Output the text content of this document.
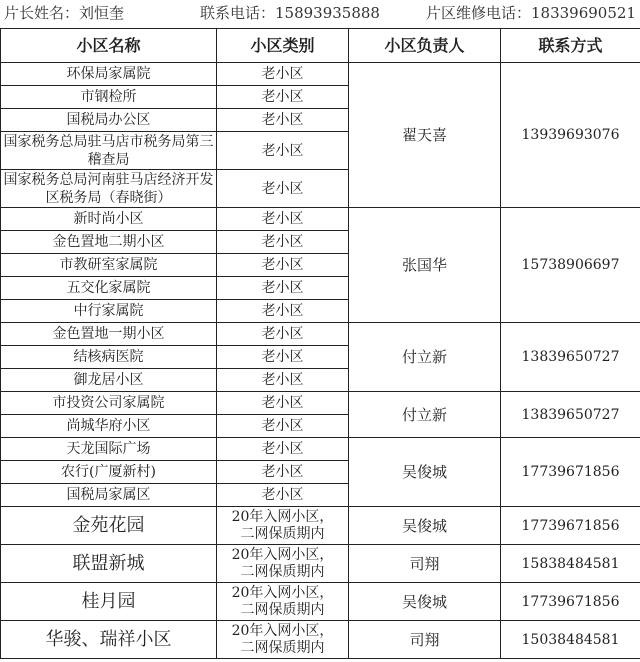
片长姓名：刘恒奎	联系电话：15893935888	片区维修电话：18339690521
小区名称	小区类别	小区负责人	联系方式
环保局家属院	老小区	翟天喜	13939693076
市钢检所	老小区		
国税局办公区	老小区		
国家税务总局驻马店市税务局第三稽查局	老小区		
国家税务总局河南驻马店经济开发区税务局（春晓街）	老小区		
新时尚小区	老小区	张国华	15738906697
金色置地二期小区	老小区		
市教研室家属院	老小区		
五交化家属院	老小区		
中行家属院	老小区		
金色置地一期小区	老小区	付立新	13839650727
结核病医院	老小区		
御龙居小区	老小区		
市投资公司家属院	老小区	付立新	13839650727
尚城华府小区	老小区		
天龙国际广场	老小区	吴俊城	17739671856
农行(广厦新村)	老小区		
国税局家属区	老小区		
金苑花园	20年入网小区，二网保质期内	吴俊城	17739671856
联盟新城	20年入网小区，二网保质期内	司翔	15838484581
桂月园	20年入网小区，二网保质期内	吴俊城	17739671856
华骏、瑞祥小区	20年入网小区，二网保质期内	司翔	15038484581
